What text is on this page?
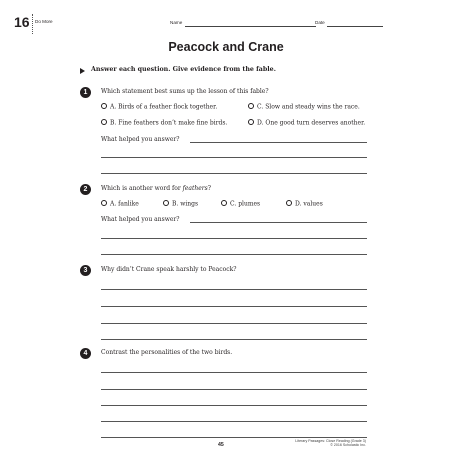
16 Do More	Name	Date
Peacock and Crane
Answer each question. Give evidence from the fable.
1	Which statement best sums up the lesson of this fable?
A. Birds of a feather flock together.	C. Slow and steady wins the race.
B. Fine feathers don’t make fine birds.	D. One good turn deserves another.
What helped you answer?
2	Which is another word for feathers?
A. fanlike	B. wings	C. plumes	D. values
What helped you answer?
3	Why didn’t Crane speak harshly to Peacock?
4	Contrast the personalities of the two birds.
45
Literary Passages: Close Reading (Grade 3)
© 2016 Scholastic Inc.
